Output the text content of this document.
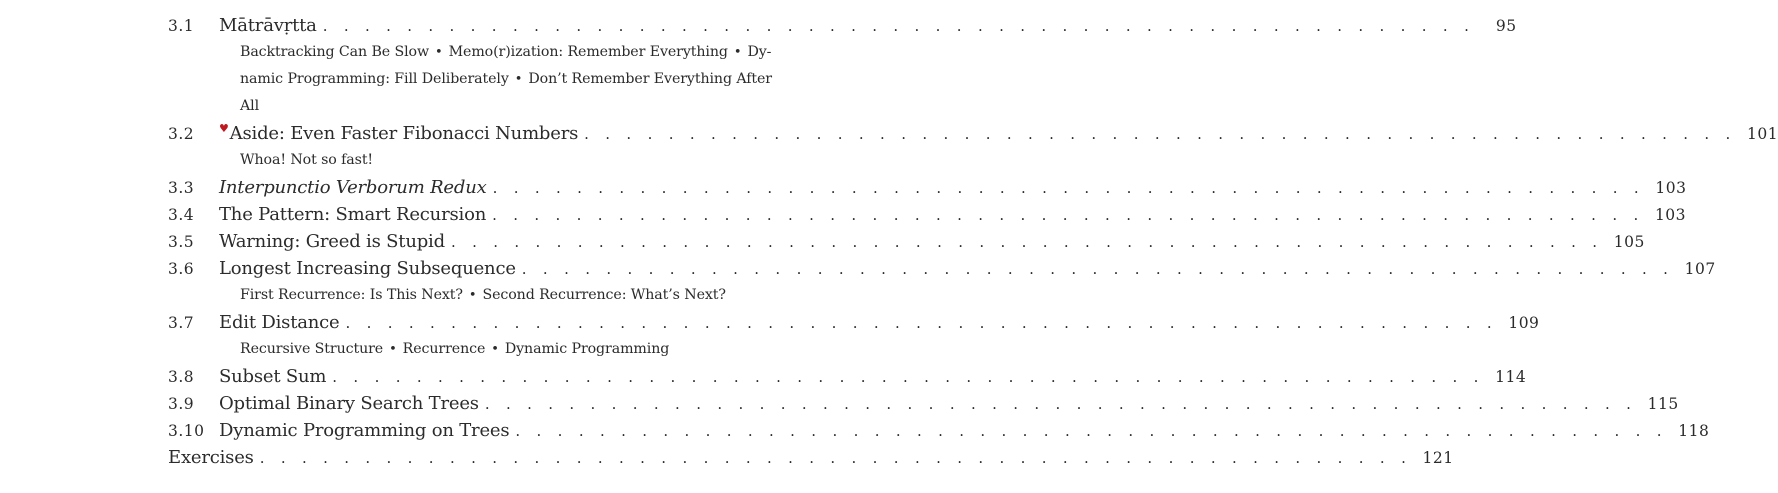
3.1	Mātrāvṛtta . . . . . . . . . . . . . . . . . . . . . . . . . . . . . . . . . . . . . . . . . . . . . . . . . . . . . . .	95
Backtracking Can Be Slow • Memo(r)ization: Remember Everything • Dy-
namic Programming: Fill Deliberately • Don’t Remember Everything After
All
3.2	♥Aside: Even Faster Fibonacci Numbers . . . . . . . . . . . . . . . . . . . . . . . . . . . . . . . . . . . . . . . . . . . . . . . . . . . . . . . 101
Whoa! Not so fast!
3.3	Interpunctio Verborum Redux . . . . . . . . . . . . . . . . . . . . . . . . . . . . . . . . . . . . . . . . . . . . . . . . . . . . . . . 103
3.4	The Pattern: Smart Recursion . . . . . . . . . . . . . . . . . . . . . . . . . . . . . . . . . . . . . . . . . . . . . . . . . . . . . . . 103
3.5	Warning: Greed is Stupid . . . . . . . . . . . . . . . . . . . . . . . . . . . . . . . . . . . . . . . . . . . . . . . . . . . . . . . 105
3.6	Longest Increasing Subsequence . . . . . . . . . . . . . . . . . . . . . . . . . . . . . . . . . . . . . . . . . . . . . . . . . . . . . . . 107
First Recurrence: Is This Next? • Second Recurrence: What’s Next?
3.7	Edit Distance . . . . . . . . . . . . . . . . . . . . . . . . . . . . . . . . . . . . . . . . . . . . . . . . . . . . . . . 109
Recursive Structure • Recurrence • Dynamic Programming
3.8	Subset Sum . . . . . . . . . . . . . . . . . . . . . . . . . . . . . . . . . . . . . . . . . . . . . . . . . . . . . . . 114
3.9	Optimal Binary Search Trees . . . . . . . . . . . . . . . . . . . . . . . . . . . . . . . . . . . . . . . . . . . . . . . . . . . . . . . 115
3.10 Dynamic Programming on Trees . . . . . . . . . . . . . . . . . . . . . . . . . . . . . . . . . . . . . . . . . . . . . . . . . . . . . . . 118
Exercises . . . . . . . . . . . . . . . . . . . . . . . . . . . . . . . . . . . . . . . . . . . . . . . . . . . . . . . 121
